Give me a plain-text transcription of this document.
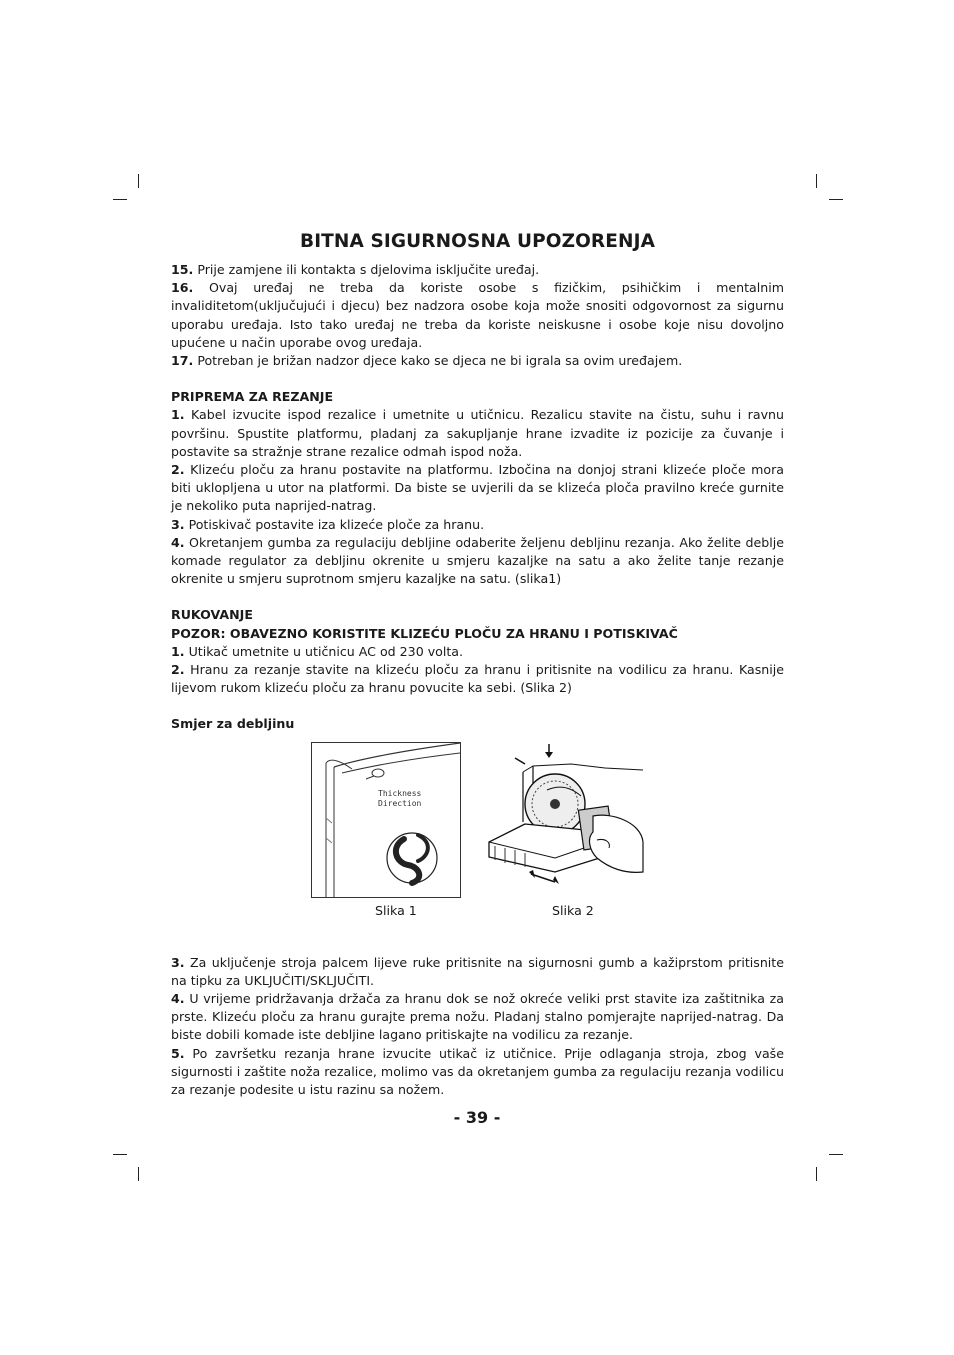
BITNA SIGURNOSNA UPOZORENJA

15. Prije zamjene ili kontakta s djelovima isključite uređaj.

16. Ovaj uređaj ne treba da koriste osobe s fizičkim, psihičkim i mentalnim invaliditetom(uključujući i djecu) bez nadzora osobe koja može snositi odgovornost za sigurnu uporabu uređaja. Isto tako uređaj ne treba da koriste neiskusne i osobe koje nisu dovoljno upućene u način uporabe ovog uređaja.

17. Potreban je brižan nadzor djece kako se djeca ne bi igrala sa ovim uređajem.

PRIPREMA ZA REZANJE

1. Kabel izvucite ispod rezalice i umetnite u utičnicu. Rezalicu stavite na čistu, suhu i ravnu površinu. Spustite platformu, pladanj za sakupljanje hrane izvadite iz pozicije za čuvanje i postavite sa stražnje strane rezalice odmah ispod noža.

2. Klizeću ploču za hranu postavite na platformu. Izbočina na donjoj strani klizeće ploče mora biti ukloplјena u utor na platformi. Da biste se uvjerili da se klizeća ploča pravilno kreće gurnite je nekoliko puta naprijed-natrag.

3. Potiskivač postavite iza klizeće ploče za hranu.

4. Okretanjem gumba za regulaciju debljine odaberite željenu debljinu rezanja. Ako želite deblje komade regulator za debljinu okrenite u smjeru kazaljke na satu a ako želite tanje rezanje okrenite u smjeru suprotnom smjeru kazaljke na satu. (slika1)

RUKOVANJE

POZOR: OBAVEZNO KORISTITE KLIZEĆU PLOČU ZA HRANU I POTISKIVAČ

1. Utikač umetnite u utičnicu AC od 230 volta.

2. Hranu za rezanje stavite na klizeću ploču za hranu i pritisnite na vodilicu za hranu. Kasnije lijevom rukom klizeću ploču za hranu povucite ka sebi. (Slika 2)

Smjer za debljinu

Thickness
Direction
Slika 1	Slika 2

3. Za uključenje stroja palcem lijeve ruke pritisnite na sigurnosni gumb a kažiprstom pritisnite na tipku za UKLJUČITI/SKLJUČITI.

4. U vrijeme pridržavanja držača za hranu dok se nož okreće veliki prst stavite iza zaštitnika za prste. Klizeću ploču za hranu gurajte prema nožu. Pladanj stalno pomjerajte naprijed-natrag. Da biste dobili komade iste debljine lagano pritiskajte na vodilicu za rezanje.

5. Po završetku rezanja hrane izvucite utikač iz utičnice. Prije odlaganja stroja, zbog vaše sigurnosti i zaštite noža rezalice, molimo vas da okretanjem gumba za regulaciju rezanja vodilicu za rezanje podesite u istu razinu sa nožem.

- 39 -
